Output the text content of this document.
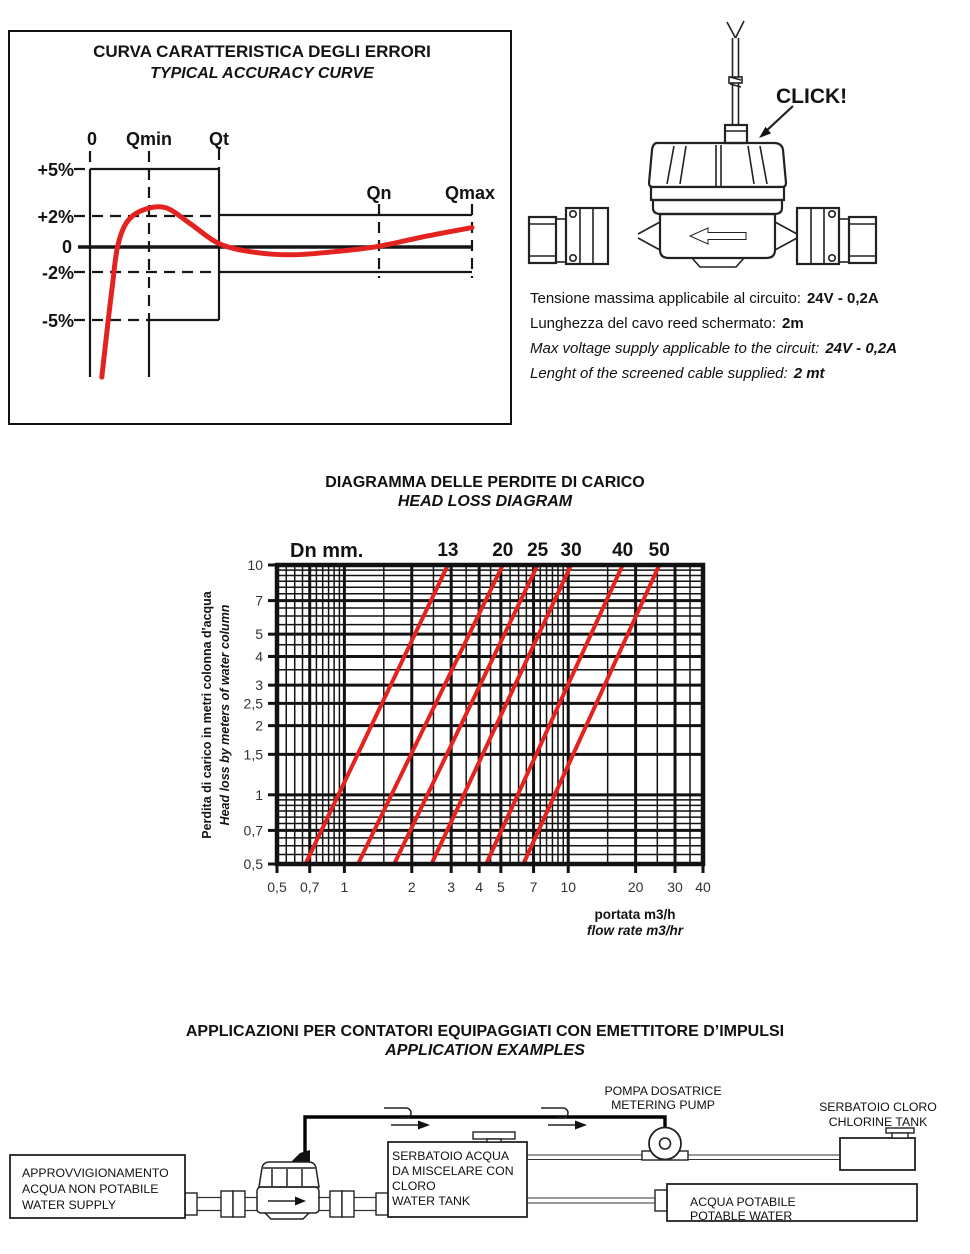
CURVA CARATTERISTICA DEGLI ERRORI
TYPICAL ACCURACY CURVE
+5%
+2%
0
-2%
-5%
0 Qmin Qt
Qn	Qmax
CLICK!
Tensione massima applicabile al circuito: 24V - 0,2A
Lunghezza del cavo reed schermato: 2m
Max voltage supply applicable to the circuit: 24V - 0,2A
Lenght of the screened cable supplied: 2 mt
DIAGRAMMA DELLE PERDITE DI CARICO
HEAD LOSS DIAGRAM
0,5 0,7 1	2 3 4 5 7 10	20 30 40
10
7
5
4
3
2,5
2
1,5
1
0,7
0,5
13 20 25 30 40 50
Dn mm.
Perdita di carico in metri colonna d'acqua Head loss by meters of water column
portata m3/h
flow rate m3/hr
APPLICAZIONI PER CONTATORI EQUIPAGGIATI CON EMETTITORE D’IMPULSI
APPLICATION EXAMPLES
APPROVVIGIONAMENTO
ACQUA NON POTABILE
WATER SUPPLY
SERBATOIO ACQUA
DA MISCELARE CON
CLORO
WATER TANK	ACQUA POTABILE
POTABLE WATER
SERBATOIO CLORO
CHLORINE TANK
POMPA DOSATRICE
METERING PUMP
